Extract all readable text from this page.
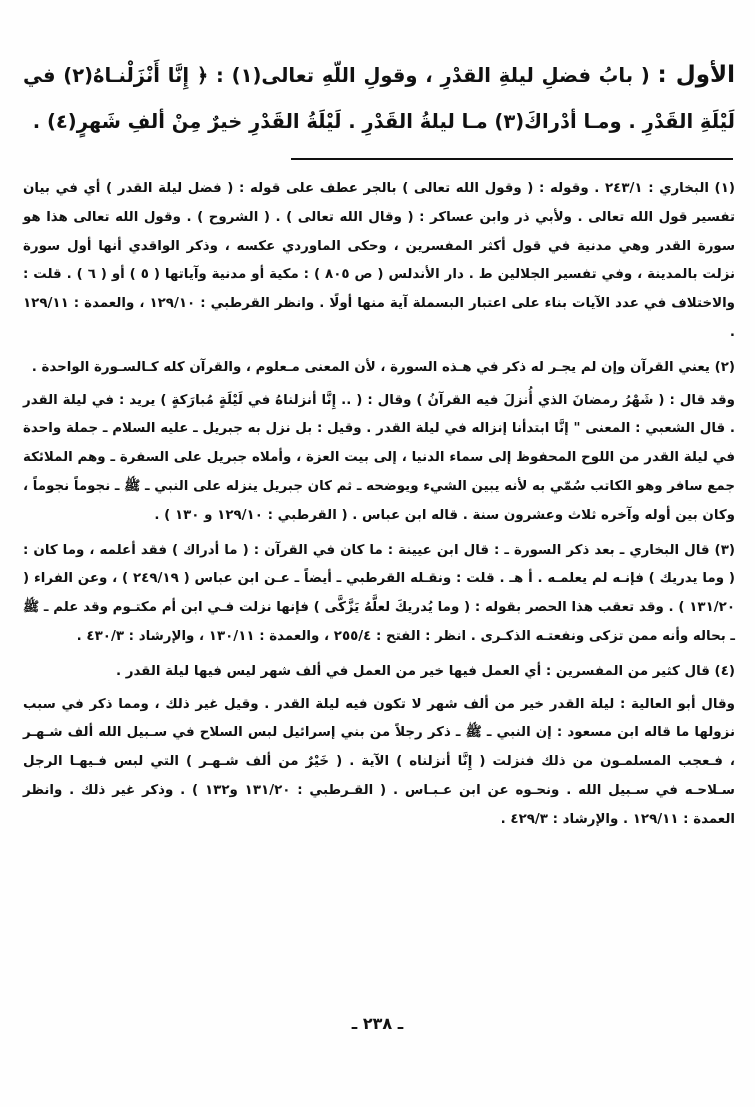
الأول : ( بابُ فضلِ ليلةِ القدْرِ ، وقولِ اللّهِ تعالى(١) : ﴿ إِنَّا أَنْزَلْنـاهُ(٢) في لَيْلَةِ القَدْرِ . ومـا أدْراكَ(٣) مـا ليلةُ القَدْرِ . لَيْلَةُ القَدْرِ خيرٌ مِنْ ألفِ شَهرٍ(٤) .

(١) البخاري : ٢٤٣/١ . وقوله : ( وقول الله تعالى ) بالجر عطف على قوله : ( فضل ليلة القدر ) أي في بيان تفسير قول الله تعالى . ولأبي ذر وابن عساكر : ( وقال الله تعالى ) . ( الشروح ) . وقول الله تعالى هذا هو سورة القدر وهي مدنية في قول أكثر المفسرين ، وحكى الماوردي عكسه ، وذكر الواقدي أنها أول سورة نزلت بالمدينة ، وفي تفسير الجلالين ط . دار الأندلس ( ص ٨٠٥ ) : مكية أو مدنية وآياتها ( ٥ ) أو ( ٦ ) . قلت : والاختلاف في عدد الآيات بناء على اعتبار البسملة آية منها أولًا . وانظر القرطبي : ١٢٩/١٠ ، والعمدة : ١٢٩/١١ .

(٢) يعني القرآن وإن لم يجـر له ذكر في هـذه السورة ، لأن المعنى مـعلوم ، والقرآن كله كـالسـورة الواحدة .

وقد قال : ( شَهْرُ رمضانَ الذي أُنزلَ فيه القرآنُ ) وقال : ( .. إِنَّا أنزلناهُ في لَيْلَةٍ مُبارَكةٍ ) يريد : في ليلة القدر . قال الشعبي : المعنى " إنَّا ابتدأنا إنزاله في ليلة القدر . وقيل : بل نزل به جبريل ـ عليه السلام ـ جملة واحدة في ليلة القدر من اللوح المحفوظ إلى سماء الدنيا ، إلى بيت العزة ، وأملاه جبريل على السفرة ـ وهم الملائكة جمع سافر وهو الكاتب سُمّي به لأنه يبين الشيء ويوضحه ـ ثم كان جبريل ينزله على النبي ـ ﷺ ـ نجوماً نجوماً ، وكان بين أوله وآخره ثلاث وعشرون سنة . قاله ابن عباس . ( القرطبي : ١٢٩/١٠ و ١٣٠ ) .

(٣) قال البخاري ـ بعد ذكر السورة ـ : قال ابن عيينة : ما كان في القرآن : ( ما أدراك ) فقد أعلمه ، وما كان : ( وما يدريك ) فإنـه لم يعلمـه . أ هـ . قلت : ونقـله القرطبي ـ أيضاً ـ عـن ابن عباس ( ٢٤٩/١٩ ) ، وعن الفراء ( ١٣١/٢٠ ) . وقد تعقب هذا الحصر بقوله : ( وما يُدريكَ لعلَّهُ يَزَّكَّى ) فإنها نزلت فـي ابن أم مكتـوم وقد علم ـ ﷺ ـ بحاله وأنه ممن تزكى ونفعتـه الذكـرى . انظر : الفتح : ٢٥٥/٤ ، والعمدة : ١٣٠/١١ ، والإرشاد : ٤٣٠/٣ .

(٤) قال كثير من المفسرين : أي العمل فيها خير من العمل في ألف شهر ليس فيها ليلة القدر .

وقال أبو العالية : ليلة القدر خير من ألف شهر لا تكون فيه ليلة القدر . وقيل غير ذلك ، ومما ذكر في سبب نزولها ما قاله ابن مسعود : إن النبي ـ ﷺ ـ ذكر رجلاً من بني إسرائيل لبس السلاح في سـبيل الله ألف شـهـر ، فـعجب المسلمـون من ذلك فنزلت ( إِنَّا أنزلناه ) الآية . ( خَيْرٌ من ألف شـهـر ) التي لبس فـيهـا الرجل سـلاحـه في سـبيل الله . ونحـوه عن ابن عـبـاس . ( القـرطبي : ١٣١/٢٠ و١٣٢ ) . وذكر غير ذلك . وانظر العمدة : ١٢٩/١١ . والإرشاد : ٤٢٩/٣ .

ـ ٢٣٨ ـ
